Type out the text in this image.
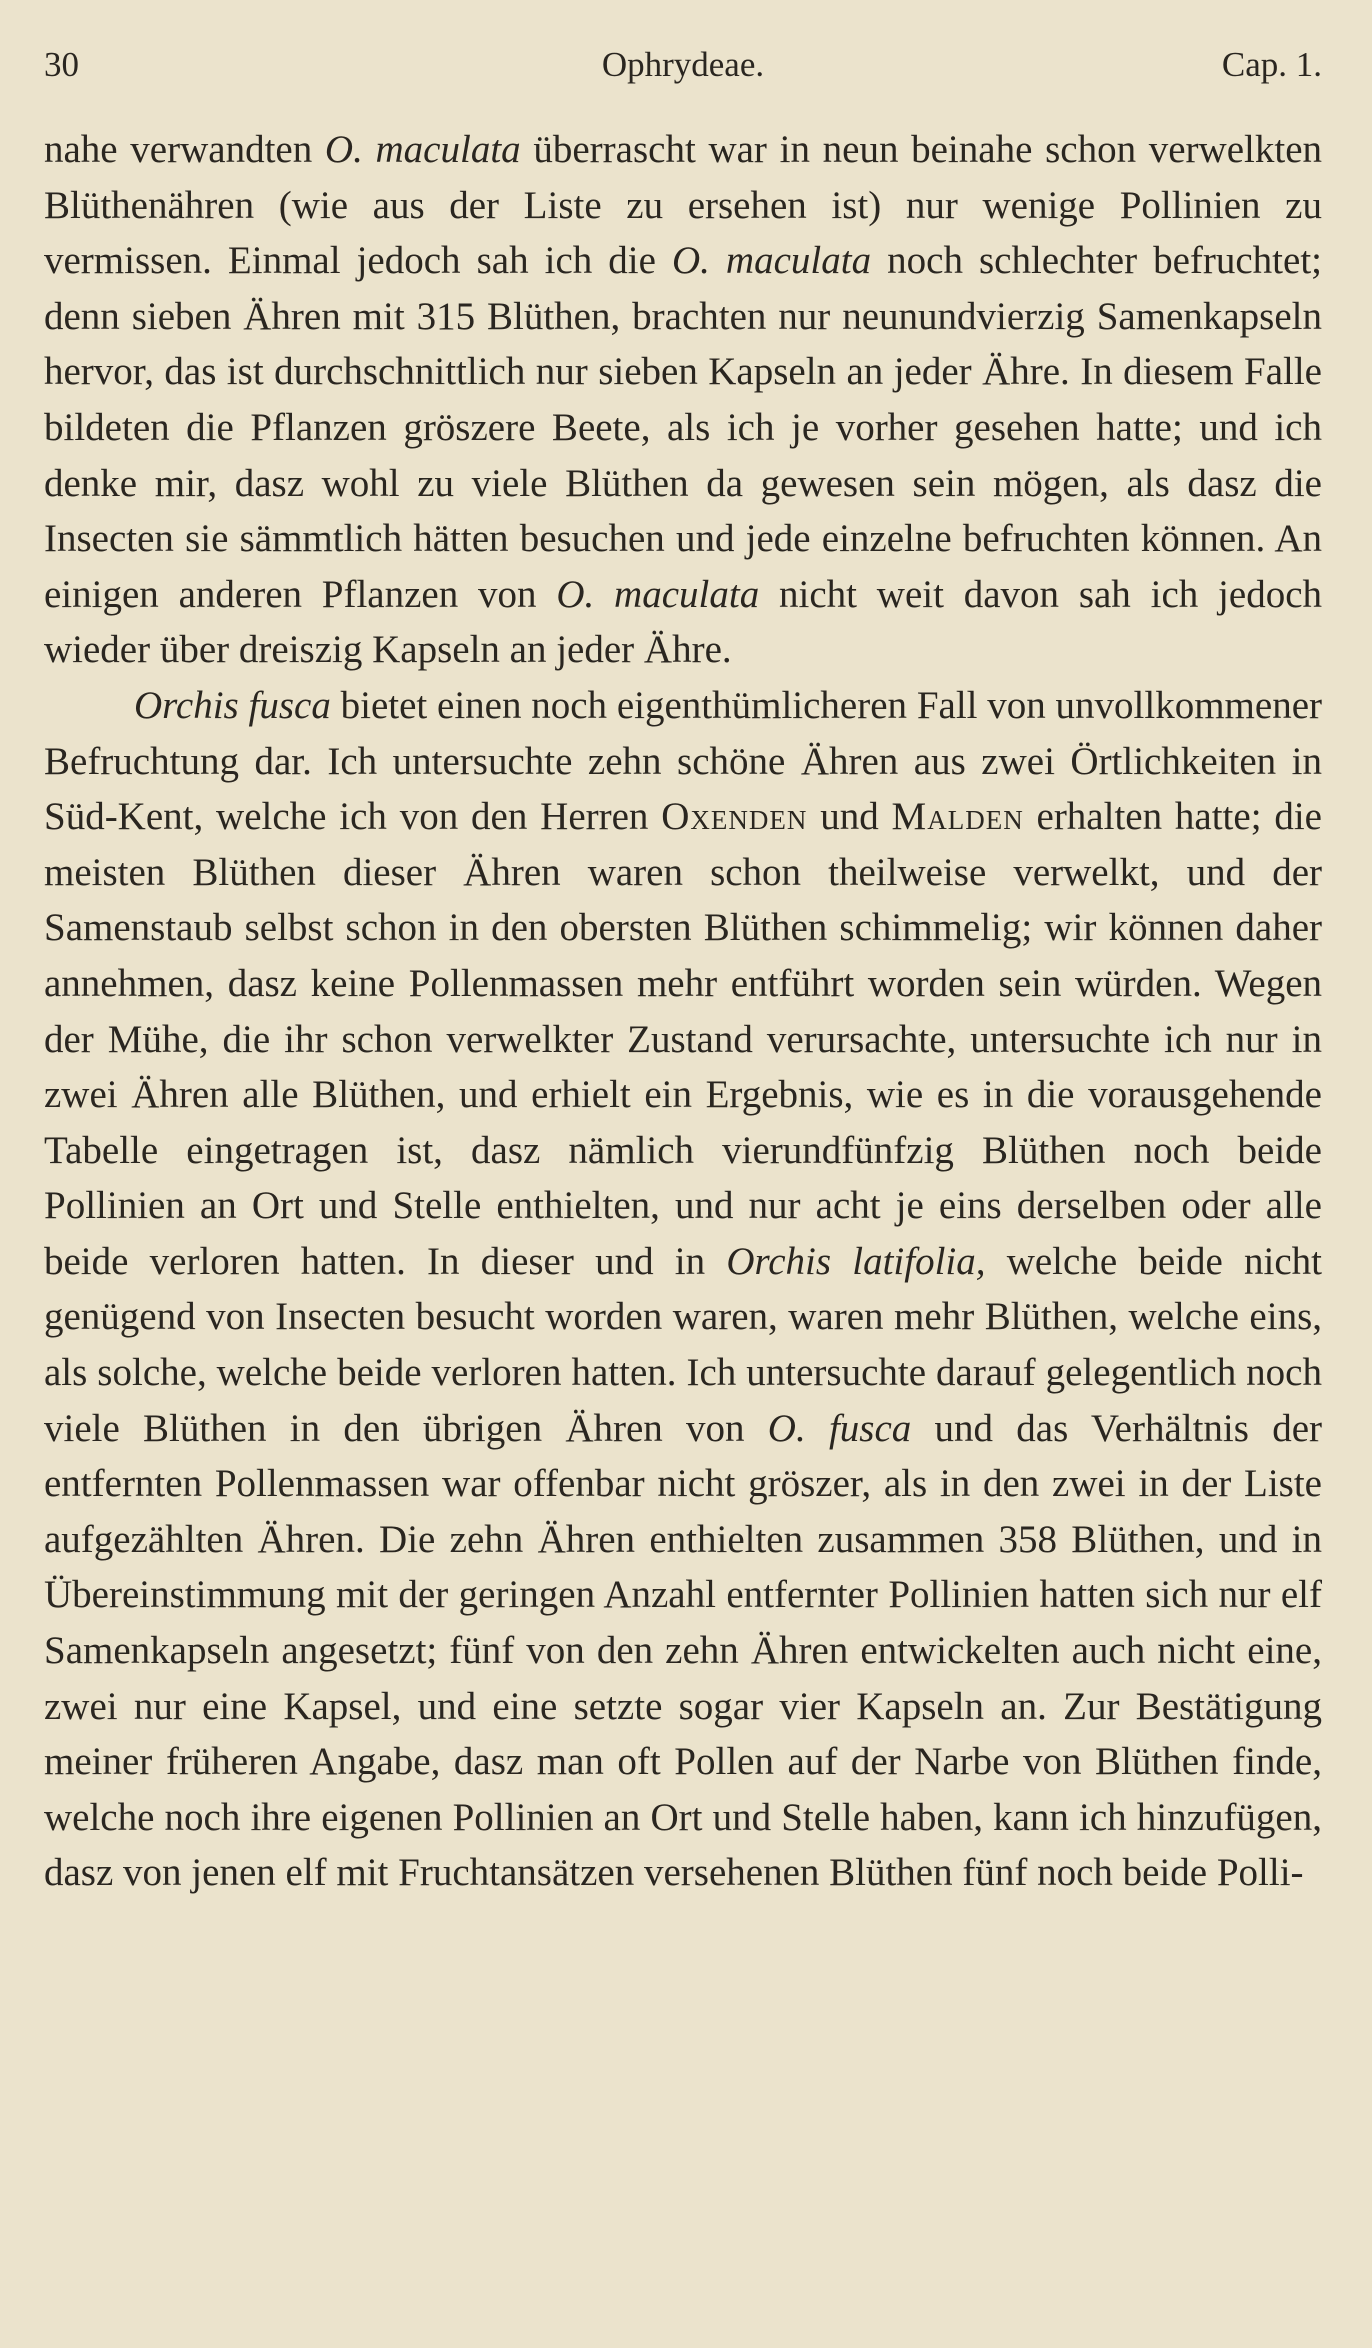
30	Ophrydeae.	Cap. 1.

nahe verwandten O. maculata überrascht war in neun beinahe schon verwelkten Blüthenähren (wie aus der Liste zu ersehen ist) nur wenige Pollinien zu vermissen. Einmal jedoch sah ich die O. maculata noch schlechter befruchtet; denn sieben Ähren mit 315 Blüthen, brachten nur neunundvierzig Samenkapseln hervor, das ist durchschnittlich nur sieben Kapseln an jeder Ähre. In diesem Falle bildeten die Pflanzen gröszere Beete, als ich je vorher gesehen hatte; und ich denke mir, dasz wohl zu viele Blüthen da gewesen sein mögen, als dasz die Insecten sie sämmtlich hätten besuchen und jede einzelne befruchten können. An einigen anderen Pflanzen von O. maculata nicht weit davon sah ich jedoch wieder über dreiszig Kapseln an jeder Ähre.

Orchis fusca bietet einen noch eigenthümlicheren Fall von unvollkommener Befruchtung dar. Ich untersuchte zehn schöne Ähren aus zwei Örtlichkeiten in Süd-Kent, welche ich von den Herren Oxenden und Malden erhalten hatte; die meisten Blüthen dieser Ähren waren schon theilweise verwelkt, und der Samenstaub selbst schon in den obersten Blüthen schimmelig; wir können daher annehmen, dasz keine Pollenmassen mehr entführt worden sein würden. Wegen der Mühe, die ihr schon verwelkter Zustand verursachte, untersuchte ich nur in zwei Ähren alle Blüthen, und erhielt ein Ergebnis, wie es in die vorausgehende Tabelle eingetragen ist, dasz nämlich vierundfünfzig Blüthen noch beide Pollinien an Ort und Stelle enthielten, und nur acht je eins derselben oder alle beide verloren hatten. In dieser und in Orchis latifolia, welche beide nicht genügend von Insecten besucht worden waren, waren mehr Blüthen, welche eins, als solche, welche beide verloren hatten. Ich untersuchte darauf gelegentlich noch viele Blüthen in den übrigen Ähren von O. fusca und das Verhältnis der entfernten Pollenmassen war offenbar nicht gröszer, als in den zwei in der Liste aufgezählten Ähren. Die zehn Ähren enthielten zusammen 358 Blüthen, und in Übereinstimmung mit der geringen Anzahl entfernter Pollinien hatten sich nur elf Samenkapseln angesetzt; fünf von den zehn Ähren entwickelten auch nicht eine, zwei nur eine Kapsel, und eine setzte sogar vier Kapseln an. Zur Bestätigung meiner früheren Angabe, dasz man oft Pollen auf der Narbe von Blüthen finde, welche noch ihre eigenen Pollinien an Ort und Stelle haben, kann ich hinzufügen, dasz von jenen elf mit Fruchtansätzen versehenen Blüthen fünf noch beide Polli-
